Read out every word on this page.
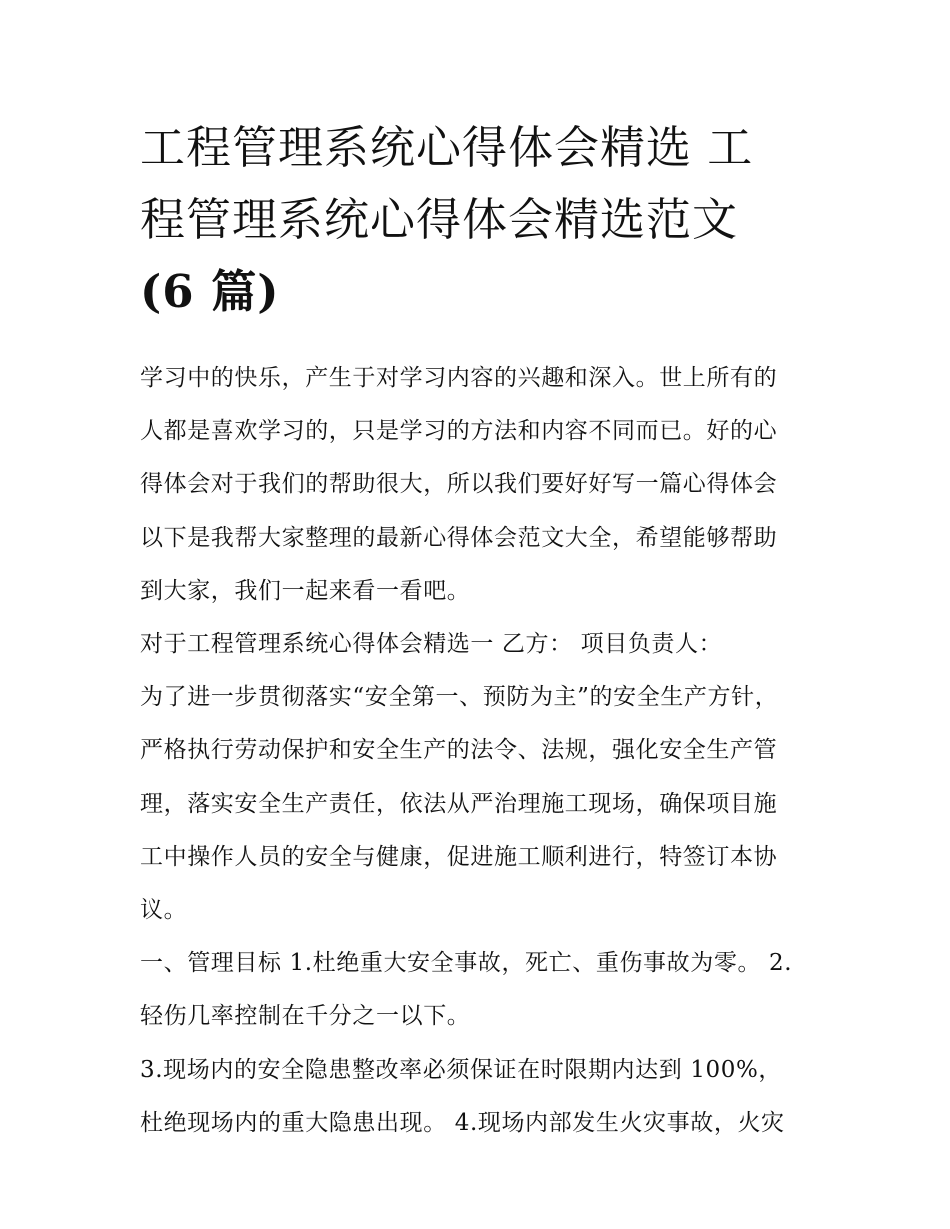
工程管理系统心得体会精选 工
程管理系统心得体会精选范文
(6 篇)
学习中的快乐，产生于对学习内容的兴趣和深入。世上所有的
人都是喜欢学习的，只是学习的方法和内容不同而已。好的心
得体会对于我们的帮助很大，所以我们要好好写一篇心得体会
以下是我帮大家整理的最新心得体会范文大全，希望能够帮助
到大家，我们一起来看一看吧。
对于工程管理系统心得体会精选一 乙方： 项目负责人：
为了进一步贯彻落实“安全第一、预防为主”的安全生产方针，
严格执行劳动保护和安全生产的法令、法规，强化安全生产管
理，落实安全生产责任，依法从严治理施工现场，确保项目施
工中操作人员的安全与健康，促进施工顺利进行，特签订本协
议。
一、管理目标 1.杜绝重大安全事故，死亡、重伤事故为零。 2.
轻伤几率控制在千分之一以下。
3.现场内的安全隐患整改率必须保证在时限期内达到 100%，
杜绝现场内的重大隐患出现。 4.现场内部发生火灾事故，火灾
